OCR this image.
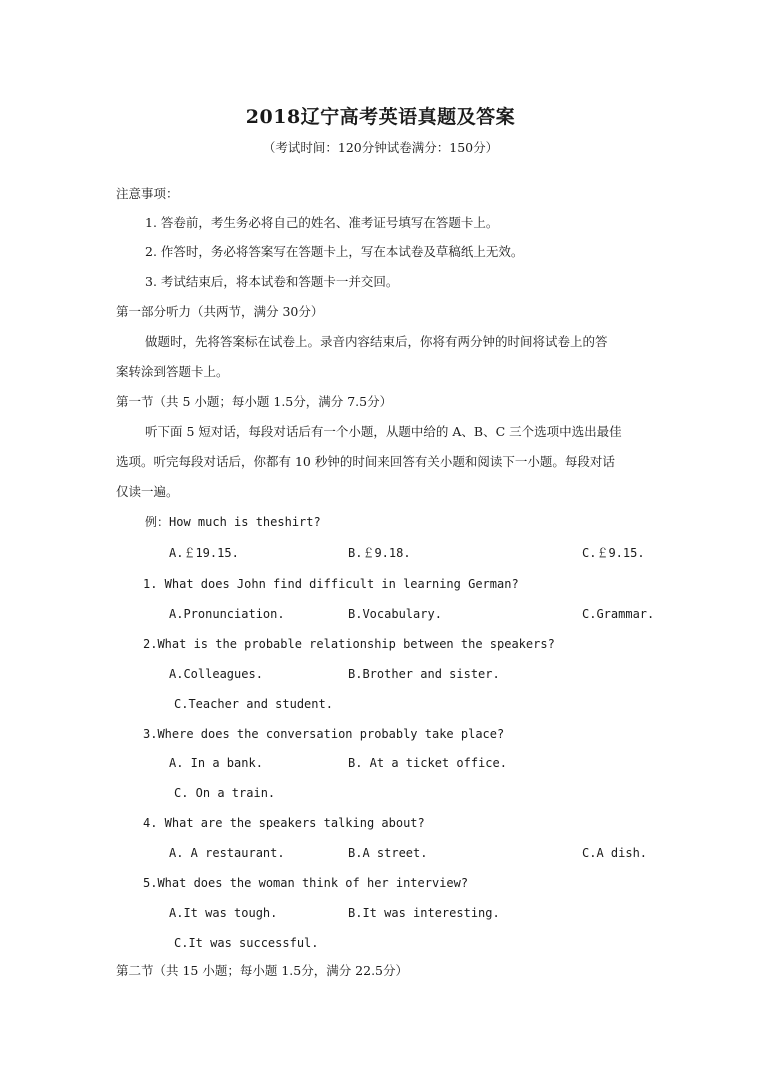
2018辽宁高考英语真题及答案
（考试时间：120分钟试卷满分：150分）
注意事项：
1. 答卷前，考生务必将自己的姓名、准考证号填写在答题卡上。
2. 作答时，务必将答案写在答题卡上，写在本试卷及草稿纸上无效。
3. 考试结束后，将本试卷和答题卡一并交回。
第一部分听力（共两节，满分 30分）
做题时，先将答案标在试卷上。录音内容结束后，你将有两分钟的时间将试卷上的答
案转涂到答题卡上。
第一节（共 5 小题；每小题 1.5分，满分 7.5分）
听下面 5 短对话，每段对话后有一个小题，从题中给的 A、B、C 三个选项中选出最佳
选项。听完每段对话后，你都有 10 秒钟的时间来回答有关小题和阅读下一小题。每段对话
仅读一遍。
例：How much is theshirt?
A.￡19.15.	B.￡9.18.	C.￡9.15.
1. What does John find difficult in learning German?
A.Pronunciation.	B.Vocabulary.	C.Grammar.
2.What is the probable relationship between the speakers?
A.Colleagues.	B.Brother and sister.
C.Teacher and student.
3.Where does the conversation probably take place?
A. In a bank.	B. At a ticket office.
C. On a train.
4. What are the speakers talking about?
A. A restaurant.	B.A street.	C.A dish.
5.What does the woman think of her interview?
A.It was tough.	B.It was interesting.
C.It was successful.
第二节（共 15 小题；每小题 1.5分，满分 22.5分）
